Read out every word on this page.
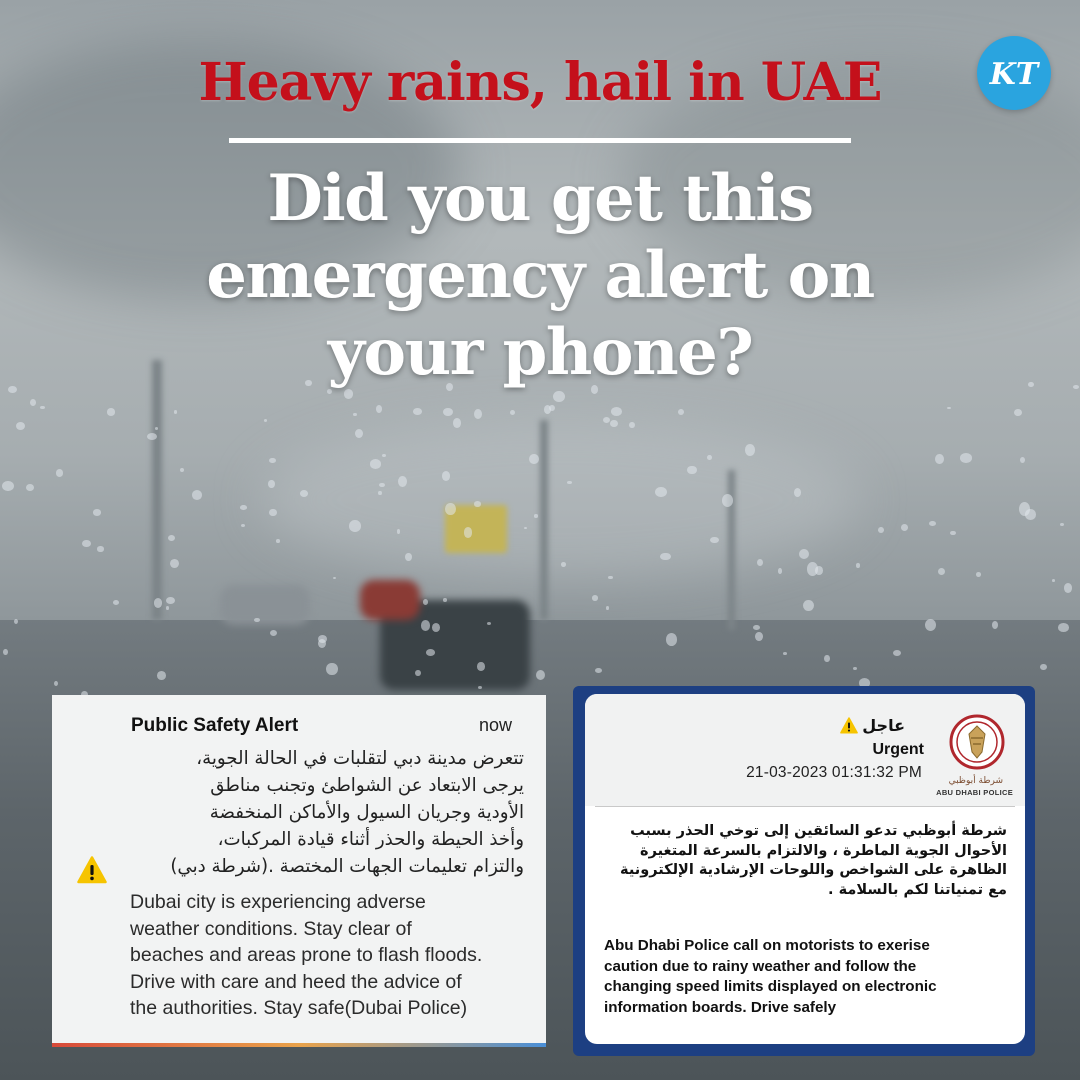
KT
Heavy rains, hail in UAE
Did you get this
emergency alert on
your phone?
Public Safety Alert	now
تتعرض مدينة دبي لتقلبات في الحالة الجوية،
يرجى الابتعاد عن الشواطئ وتجنب مناطق
الأودية وجريان السيول والأماكن المنخفضة
وأخذ الحيطة والحذر أثناء قيادة المركبات،
والتزام تعليمات الجهات المختصة .(شرطة دبي)
Dubai city is experiencing adverse
weather conditions. Stay clear of
beaches and areas prone to flash floods.
Drive with care and heed the advice of
the authorities. Stay safe(Dubai Police)
عاجل
Urgent
21-03-2023 01:31:32 PM	شرطة أبوظبي
ABU DHABI POLICE
شرطة أبوظبي تدعو السائقين إلى توخي الحذر بسبب
الأحوال الجوية الماطرة ، والالتزام بالسرعة المتغيرة
الظاهرة على الشواخص واللوحات الإرشادية الإلكترونية
مع تمنياتنا لكم بالسلامة .
Abu Dhabi Police call on motorists to exerise
caution due to rainy weather and follow the
changing speed limits displayed on electronic
information boards. Drive safely
